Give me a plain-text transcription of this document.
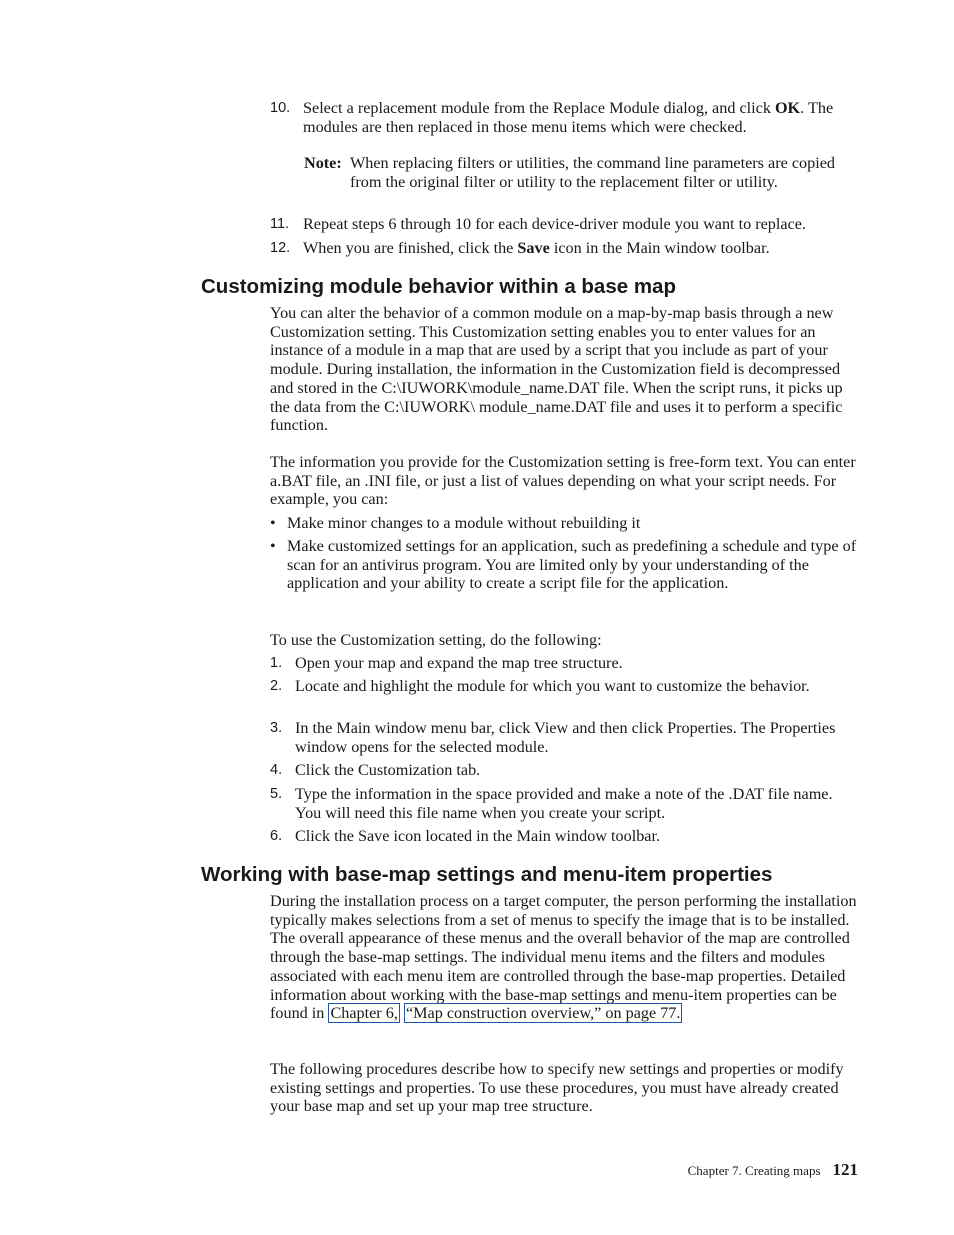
10. Select a replacement module from the Replace Module dialog, and click OK. The modules are then replaced in those menu items which were checked.
Note: When replacing filters or utilities, the command line parameters are copied from the original filter or utility to the replacement filter or utility.
11. Repeat steps 6 through 10 for each device-driver module you want to replace.
12. When you are finished, click the Save icon in the Main window toolbar.
Customizing module behavior within a base map

You can alter the behavior of a common module on a map-by-map basis through a new Customization setting. This Customization setting enables you to enter values for an instance of a module in a map that are used by a script that you include as part of your module. During installation, the information in the Customization field is decompressed and stored in the C:\IUWORK\module_name.DAT file. When the script runs, it picks up the data from the C:\IUWORK\ module_name.DAT file and uses it to perform a specific function.

The information you provide for the Customization setting is free-form text. You can enter a.BAT file, an .INI file, or just a list of values depending on what your script needs. For example, you can:

• Make minor changes to a module without rebuilding it
• Make customized settings for an application, such as predefining a schedule and type of scan for an antivirus program. You are limited only by your understanding of the application and your ability to create a script file for the application.

To use the Customization setting, do the following:

1. Open your map and expand the map tree structure.
2. Locate and highlight the module for which you want to customize the behavior.
3. In the Main window menu bar, click View and then click Properties. The Properties window opens for the selected module.
4. Click the Customization tab.
5. Type the information in the space provided and make a note of the .DAT file name. You will need this file name when you create your script.
6. Click the Save icon located in the Main window toolbar.
Working with base-map settings and menu-item properties

During the installation process on a target computer, the person performing the installation typically makes selections from a set of menus to specify the image that is to be installed. The overall appearance of these menus and the overall behavior of the map are controlled through the base-map settings. The individual menu items and the filters and modules associated with each menu item are controlled through the base-map properties. Detailed information about working with the base-map settings and menu-item properties can be found in Chapter 6, “Map construction overview,” on page 77.

The following procedures describe how to specify new settings and properties or modify existing settings and properties. To use these procedures, you must have already created your base map and set up your map tree structure.

Chapter 7. Creating maps 121
